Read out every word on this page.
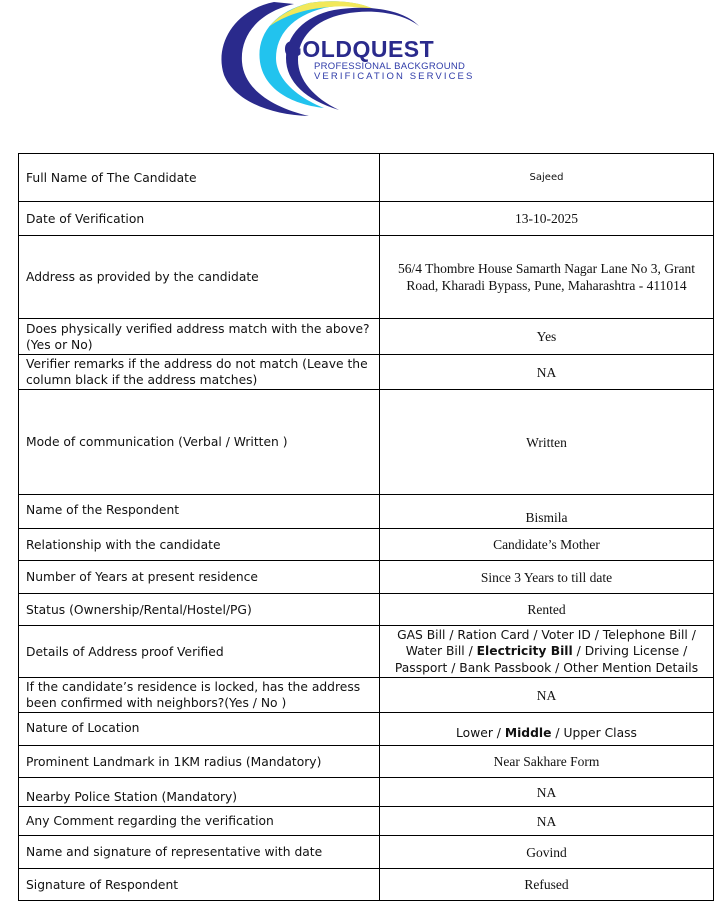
GOLDQUEST
PROFESSIONAL BACKGROUND
VERIFICATION SERVICES
Full Name of The Candidate	Sajeed
Date of Verification	13-10-2025
Address as provided by the candidate	56/4 Thombre House Samarth Nagar Lane No 3, Grant Road, Kharadi Bypass, Pune, Maharashtra - 411014
Does physically verified address match with the above? (Yes or No)	Yes
Verifier remarks if the address do not match (Leave the column black if the address matches)	NA
Mode of communication (Verbal / Written )	Written
Name of the Respondent	Bismila
Relationship with the candidate	Candidate’s Mother
Number of Years at present residence	Since 3 Years to till date
Status (Ownership/Rental/Hostel/PG)	Rented
Details of Address proof Verified	GAS Bill / Ration Card / Voter ID / Telephone Bill / Water Bill / Electricity Bill / Driving License / Passport / Bank Passbook / Other Mention Details
If the candidate’s residence is locked, has the address been confirmed with neighbors?(Yes / No )	NA
Nature of Location	Lower / Middle / Upper Class
Prominent Landmark in 1KM radius (Mandatory)	Near Sakhare Form
Nearby Police Station (Mandatory)	NA
Any Comment regarding the verification	NA
Name and signature of representative with date	Govind
Signature of Respondent	Refused
